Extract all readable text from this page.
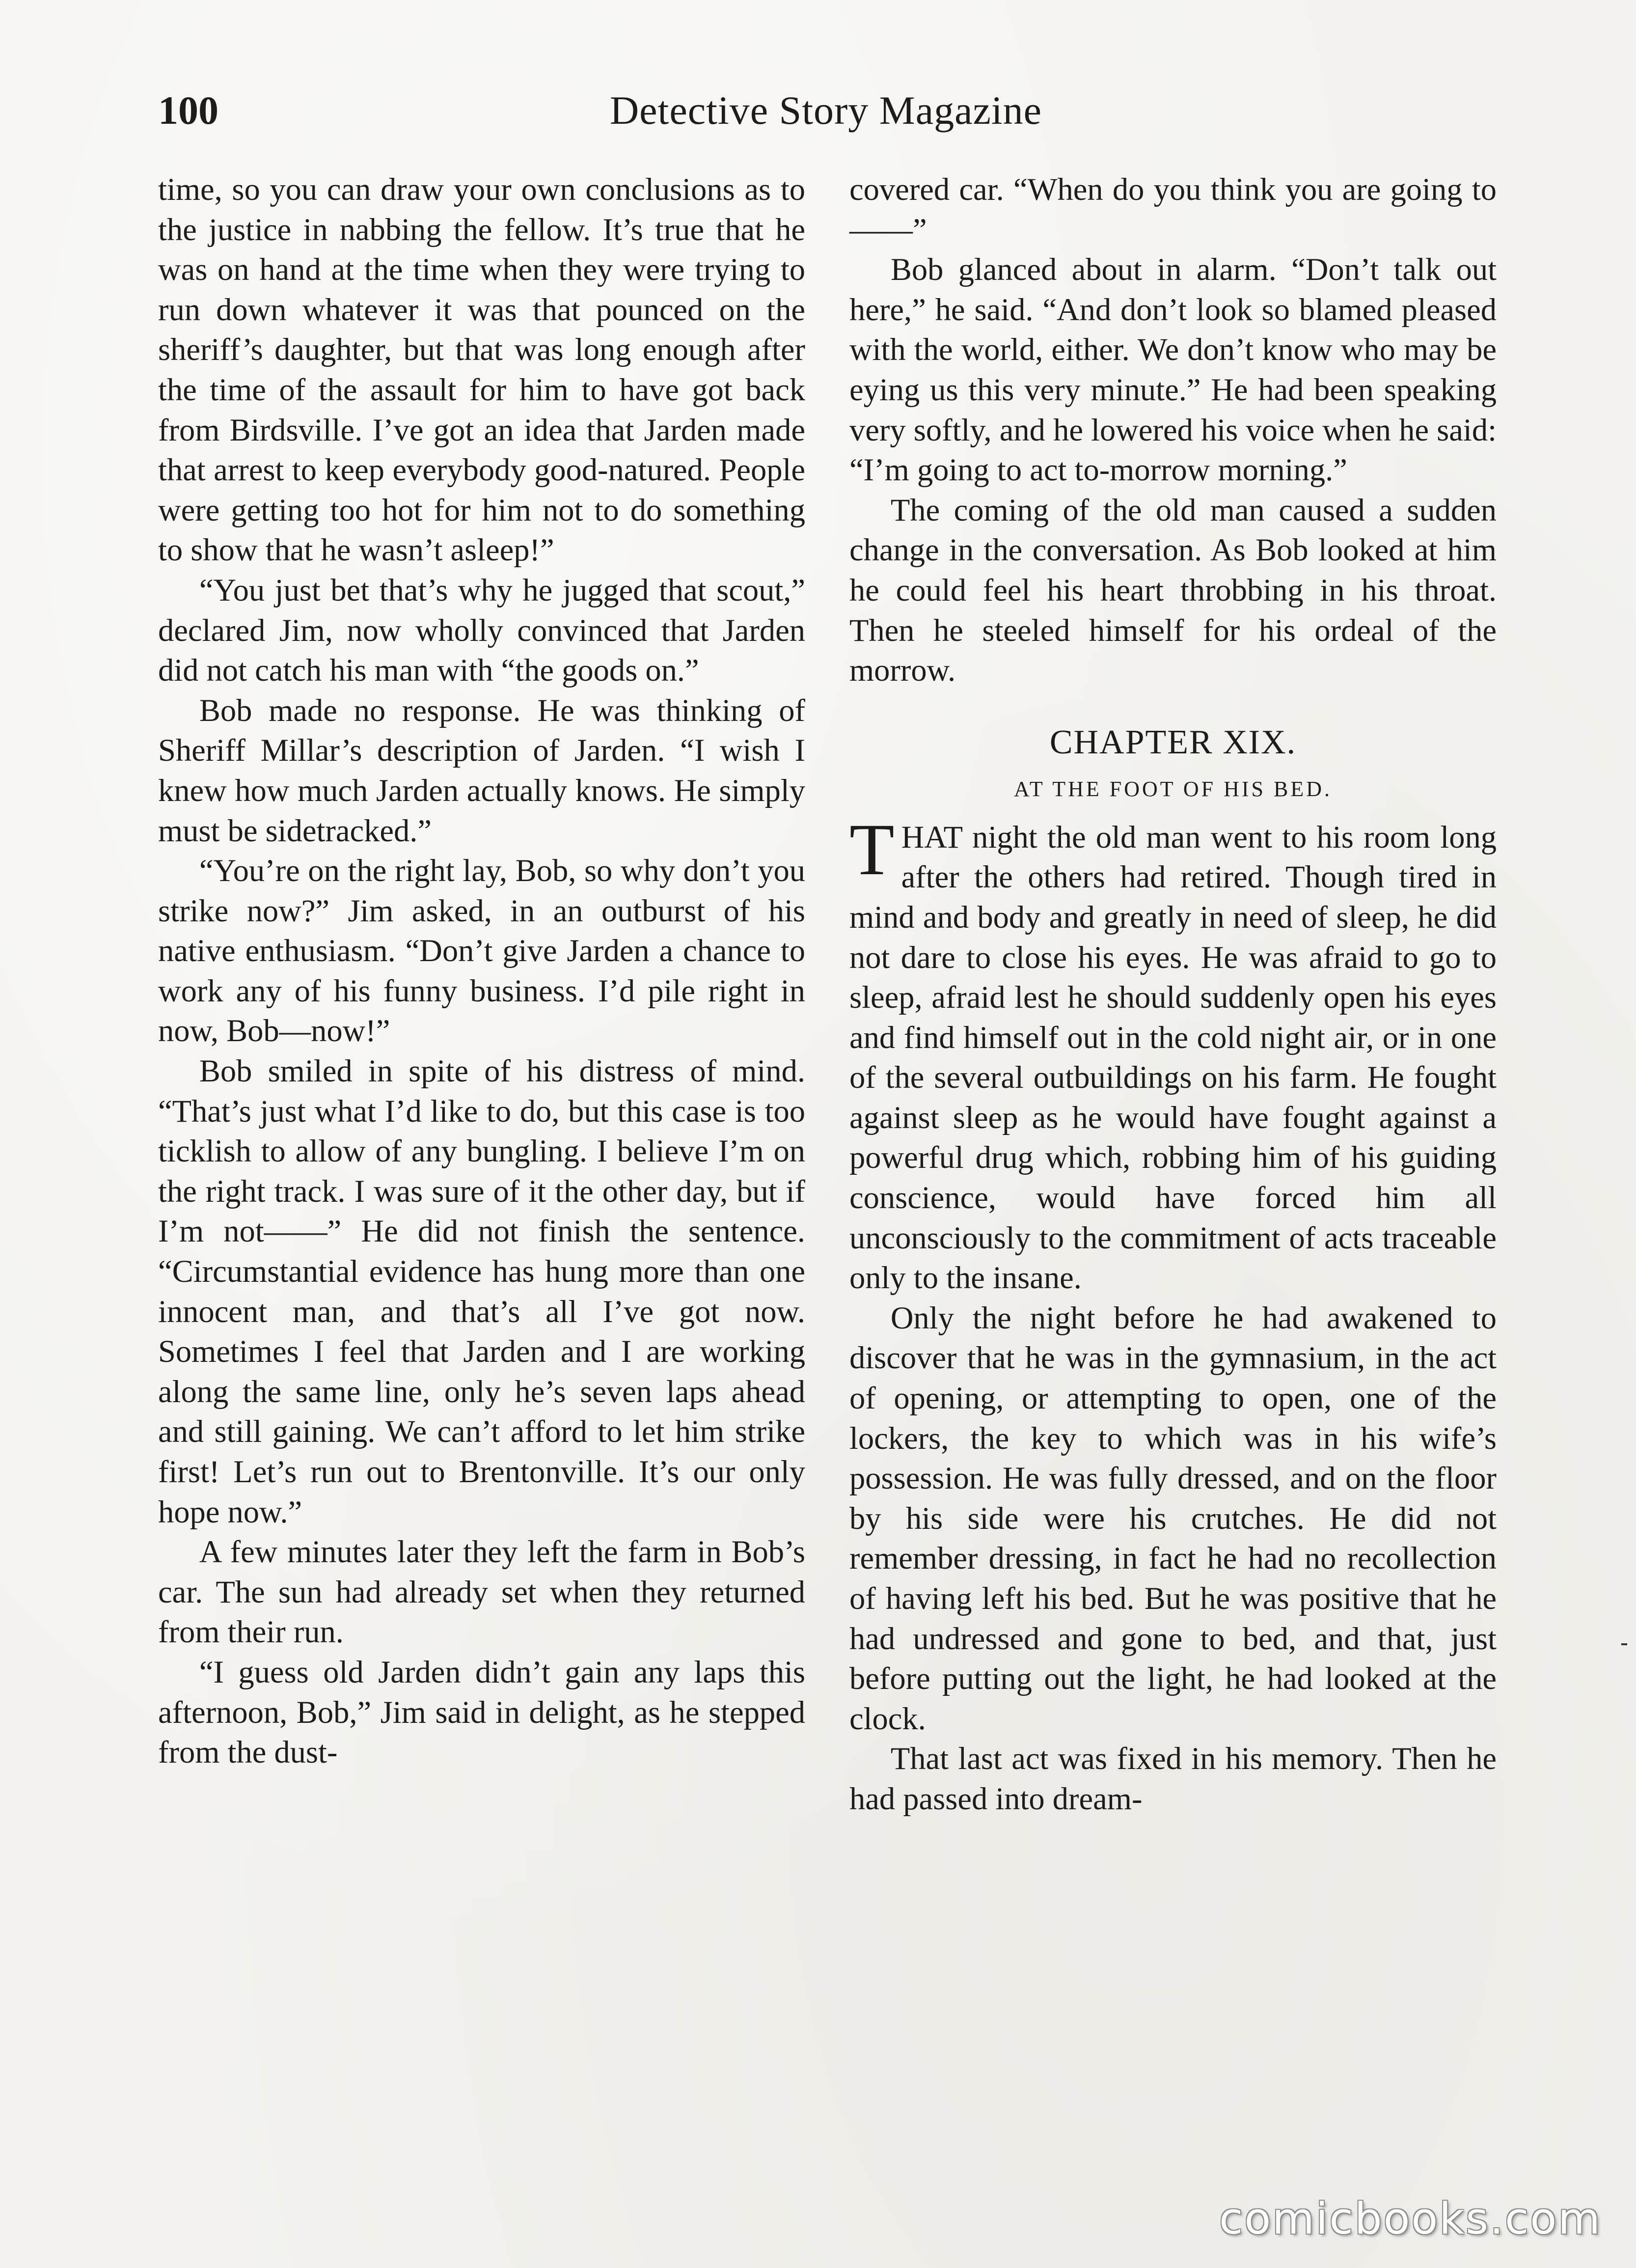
Detective Story Magazine
100

time, so you can draw your own conclusions as to the justice in nabbing the fellow. It’s true that he was on hand at the time when they were trying to run down whatever it was that pounced on the sheriff’s daughter, but that was long enough after the time of the assault for him to have got back from Birdsville. I’ve got an idea that Jarden made that arrest to keep everybody good-natured. People were getting too hot for him not to do something to show that he wasn’t asleep!”

“You just bet that’s why he jugged that scout,” declared Jim, now wholly convinced that Jarden did not catch his man with “the goods on.”

Bob made no response. He was thinking of Sheriff Millar’s description of Jarden. “I wish I knew how much Jarden actually knows. He simply must be sidetracked.”

“You’re on the right lay, Bob, so why don’t you strike now?” Jim asked, in an outburst of his native enthusiasm. “Don’t give Jarden a chance to work any of his funny business. I’d pile right in now, Bob—now!”

Bob smiled in spite of his distress of mind. “That’s just what I’d like to do, but this case is too ticklish to allow of any bungling. I believe I’m on the right track. I was sure of it the other day, but if I’m not——” He did not finish the sentence. “Circumstantial evidence has hung more than one innocent man, and that’s all I’ve got now. Sometimes I feel that Jarden and I are working along the same line, only he’s seven laps ahead and still gaining. We can’t afford to let him strike first! Let’s run out to Brentonville. It’s our only hope now.”

A few minutes later they left the farm in Bob’s car. The sun had already set when they returned from their run.

“I guess old Jarden didn’t gain any laps this afternoon, Bob,” Jim said in delight, as he stepped from the dust-

covered car. “When do you think you are going to——”

Bob glanced about in alarm. “Don’t talk out here,” he said. “And don’t look so blamed pleased with the world, either. We don’t know who may be eying us this very minute.” He had been speaking very softly, and he lowered his voice when he said: “I’m going to act to-morrow morning.”

The coming of the old man caused a sudden change in the conversation. As Bob looked at him he could feel his heart throbbing in his throat. Then he steeled himself for his ordeal of the morrow.

CHAPTER XIX.
AT THE FOOT OF HIS BED.

THAT night the old man went to his room long after the others had retired. Though tired in mind and body and greatly in need of sleep, he did not dare to close his eyes. He was afraid to go to sleep, afraid lest he should suddenly open his eyes and find himself out in the cold night air, or in one of the several outbuildings on his farm. He fought against sleep as he would have fought against a powerful drug which, robbing him of his guiding conscience, would have forced him all unconsciously to the commitment of acts traceable only to the insane.

Only the night before he had awakened to discover that he was in the gymnasium, in the act of opening, or attempting to open, one of the lockers, the key to which was in his wife’s possession. He was fully dressed, and on the floor by his side were his crutches. He did not remember dressing, in fact he had no recollection of having left his bed. But he was positive that he had undressed and gone to bed, and that, just before putting out the light, he had looked at the clock.

That last act was fixed in his memory. Then he had passed into dream-

comicbooks.com
